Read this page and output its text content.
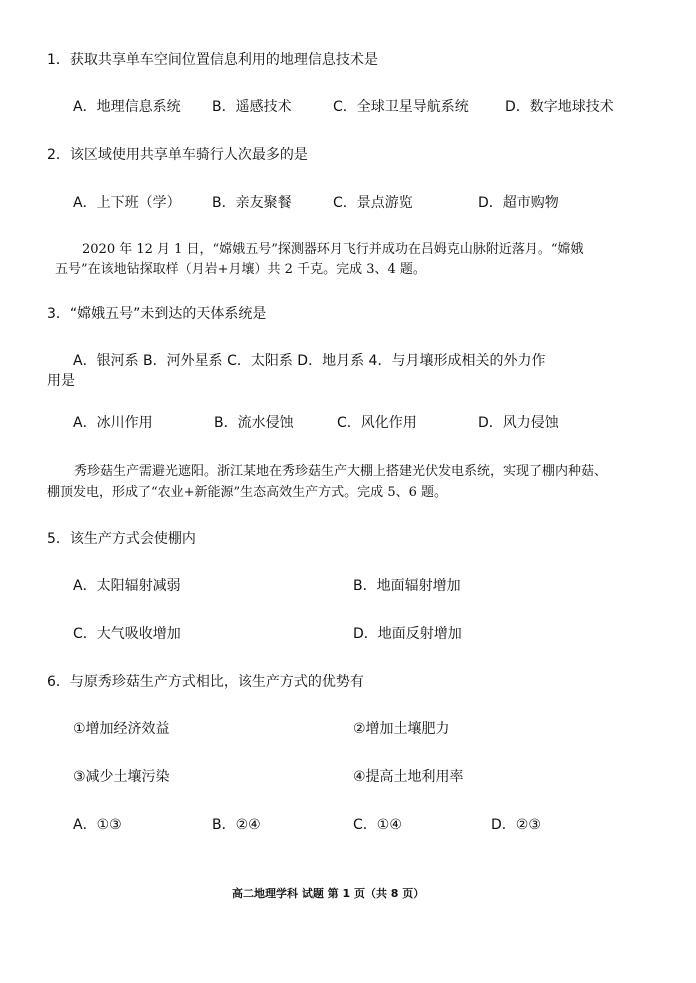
1．获取共享单车空间位置信息利用的地理信息技术是
A．地理信息系统 B．遥感技术	C．全球卫星导航系统	D．数字地球技术
2．该区域使用共享单车骑行人次最多的是
A．上下班（学） B．亲友聚餐	C．景点游览	D．超市购物
2020 年 12 月 1 日，“嫦娥五号”探测器环月飞行并成功在吕姆克山脉附近落月。“嫦娥
五号”在该地钻探取样（月岩+月壤）共 2 千克。完成 3、4 题。
3．“嫦娥五号”未到达的天体系统是
A．银河系 B．河外星系 C．太阳系 D．地月系 4．与月壤形成相关的外力作
用是
A．冰川作用	B．流水侵蚀	C．风化作用	D．风力侵蚀
秀珍菇生产需避光遮阳。浙江某地在秀珍菇生产大棚上搭建光伏发电系统，实现了棚内种菇、
棚顶发电，形成了“农业+新能源”生态高效生产方式。完成 5、6 题。
5．该生产方式会使棚内
A．太阳辐射减弱	B．地面辐射增加
C．大气吸收增加	D．地面反射增加
6．与原秀珍菇生产方式相比，该生产方式的优势有
①增加经济效益	②增加土壤肥力
③减少土壤污染	④提高土地利用率
A．①③	B．②④	C．①④	D．②③
高二地理学科 试题 第 1 页（共 8 页）
